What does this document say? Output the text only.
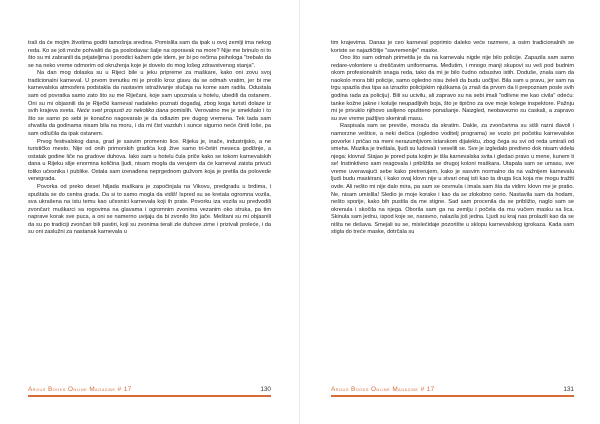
trali da će mojim životima goditi tamošnja sredina. Pomislila sam da ipak u ovoj zemlji ima nekog reda. Ko se još može pohvaliti da ga poslodavac šalje na oporavak na more? Nije me brinulo ni to što su mi zabranili da prijateljima i porodici kažem gde idem, jer bi po rečima psihologa "trebalo da se na neko vreme odmorim od okruženja koje je dovelo do mog lošeg zdravstvenog stanja".

Na dan mog dolaska su u Rijeci bile u jeku pripreme za maškare, kako oni zovu svoj tradicionalni karneval. U prvom trenutku mi je prošlo kroz glavu da se odmah vratim, jer bi me karnevalska atmosfera podstakla da nastavim istraživanje slučaja na kome sam radila. Odustala sam od povratka samo zato što su me Riječani, koje sam upoznala u hotelu, ubedili da ostanem. Oni su mi objasnili da je Riječki karneval nadaleko poznati događaj, zbog koga turisti dolaze iz svih krajeva sveta. Neće svet propusti zo nekoliko dana pomislih. Verovatno me je smekšalo i to što se samo po sebi je konačno nagovaralo je da odlazim pre dugog vremena. Tek tada sam shvatila da godinama nisam bila na moru, i da mi čist vazduh i sunce sigurno neće činiti loše, pa sam odlučila da ipak ostanem.

Prvog festivalskog dana, grad je sasvim promenio lice. Rijeka je, inače, industrijsko, a ne turističko mesto. Nije od onih primorskih gradića koji žive samo tri-četiri meseca godišnje, a ostatak godine liče na gradove duhova. Iako sam u hotelu čula priče kako se tokom karnevalskih dana u Rijeku slije enormna količina ljudi, nisam mogla da verujem da će karneval zaista privući toliko učesnika i publike. Ostala sam izenađena neprgednom gužvom koja je pretila da polovede venegrada.

Povorka od preko deset hiljada maškara je započinjala na Vikovu, predgradu u brdima, i spuštala se do centra grada. Da si to samo mogla da vidiš! Ispred su se kretala ogromna vozila, sva ukrašena na istu temu kao učesnici karnevala koji ih prate. Povorku iza vozila su predvodili zvončari: muškarci sa rogovima na glavama i ogromnim zvonima vezanim oko struka, pa tim naprave korak sve puca, a oni se namerno uvijaju da bi zvonilo što jače. Meštani su mi objasnili da su po tradiciji zvončari bili pastiri, koji su zvonima terali zle duhove zime i prizivali proleće, i da su oni zaslužni za nastanak karnevala u

Argus Books Online Magazine # 17	130

tim krajevima. Danas je ceo karneval poprimio daleko veće razmere, a osim tradicionalnih se koriste se najazličitije "savremenije" maske.

Ono što sam odmah primetila je da na karnevalu nigde nije bilo policije. Zapazila sam samo redare-volontere u dreščavim uniformama. Međutim, i mnogo manji skupovi su veš pod budnim okom profesionalnih snaga reda, tako da mi je bilo čudno odsustvo istih. Doduše, znala sam da naokolo mora biti policije, samo ogledno nisu želeli da budu uočljivi. Bila sam u pravu, jer sam na trgu spazila dva tipa sa izrazito policijskim njuškama (a znaš da prvom da li prepoznam posle svih godina rada za policiju). Bili su ucivilu, ali zapravo su na sebi imali "odlivne me kao civila" odeću: tanke kožne jakne i kolulje neupadljivih boja, što je tipično za ove moje kolege inspektore. Pažnju mi je privuklo njihovo usiljeno opušteno ponašanje. Naizgled, neobavezno su ćaskali, a zapravo su sve vreme pažljivo skenirali masu.

Raspisala sam se previše, moraću da skratim. Dakle, za zvončarima su sišli razni đavoli i namorzne veštice, a neki dečica (ogledno voditelj programa) se vozio pri početku karnevalske povorke i pričao na meni nerazumljivom istarskom dijalektu, zbog čega su svi od reda umirali od smeha. Muzika je treštala, ljudi su ludovali i veselili se. Sve je izgledalo predivno dok nisam videla njega: klovna! Stajao je pored puta kojim je išla karnevalska svita i gledao pravo u mene, kunem ti se! Instinktivno sam reagovala i približila se drugoj koloni maškara. Utapala sam se umasu, sve vreme uveravajući sebe kako pretrerujem, kako je sasvim normalno da na važnijem karnevalu ljudi budu maskirani, i kako ovaj klovn nije u stvari onaj isti kao ta druga lica koja me mogu tražiti ovde. Ali nešto mi nije dalo mira, pa sam se osvrnula i imala sam šta da vidim: klovn me je pratio. Ne, nisam umislila! Sledio je moje korake i kao da se zlokobno cerio. Nastavila sam da hodam, nešto sporije, kako bih pustila da me stigne. Sad sam procenila da se približio, naglo sam se okrenula i skočila na njega. Oborila sam ga na zemlju i počela da mu vučem masku sa lica. Skinula sam jednu, ispod koje se, naravno, nalazila još jedna. Ljudi su kraj nas prolazili kao da se ništa ne dešava. Smejali su se, mislećidaje pozorište u sklopu karnevalskog igrokaza. Kada sam stigla do treće maske, dotrčala su

Argus Books Online Magazine # 17	131
